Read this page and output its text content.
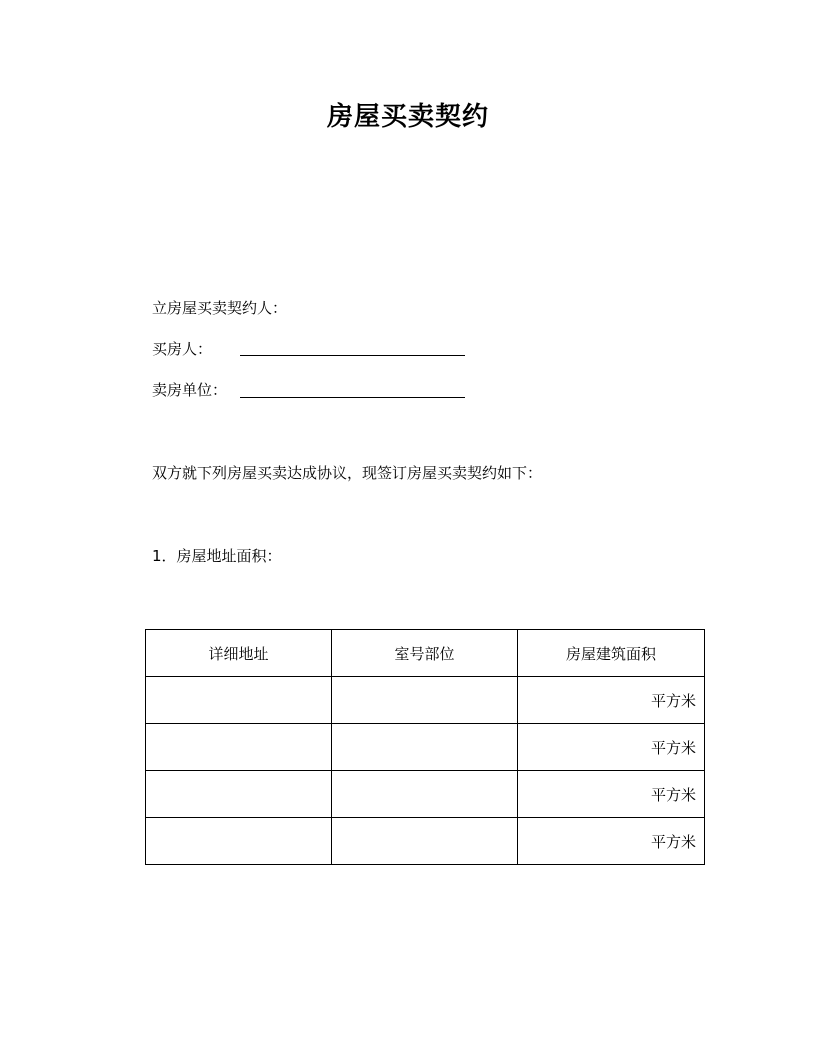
房屋买卖契约
立房屋买卖契约人：
买房人：
卖房单位：
双方就下列房屋买卖达成协议，现签订房屋买卖契约如下：
1．房屋地址面积：
详细地址	室号部位	房屋建筑面积
		平方米
		平方米
		平方米
		平方米
